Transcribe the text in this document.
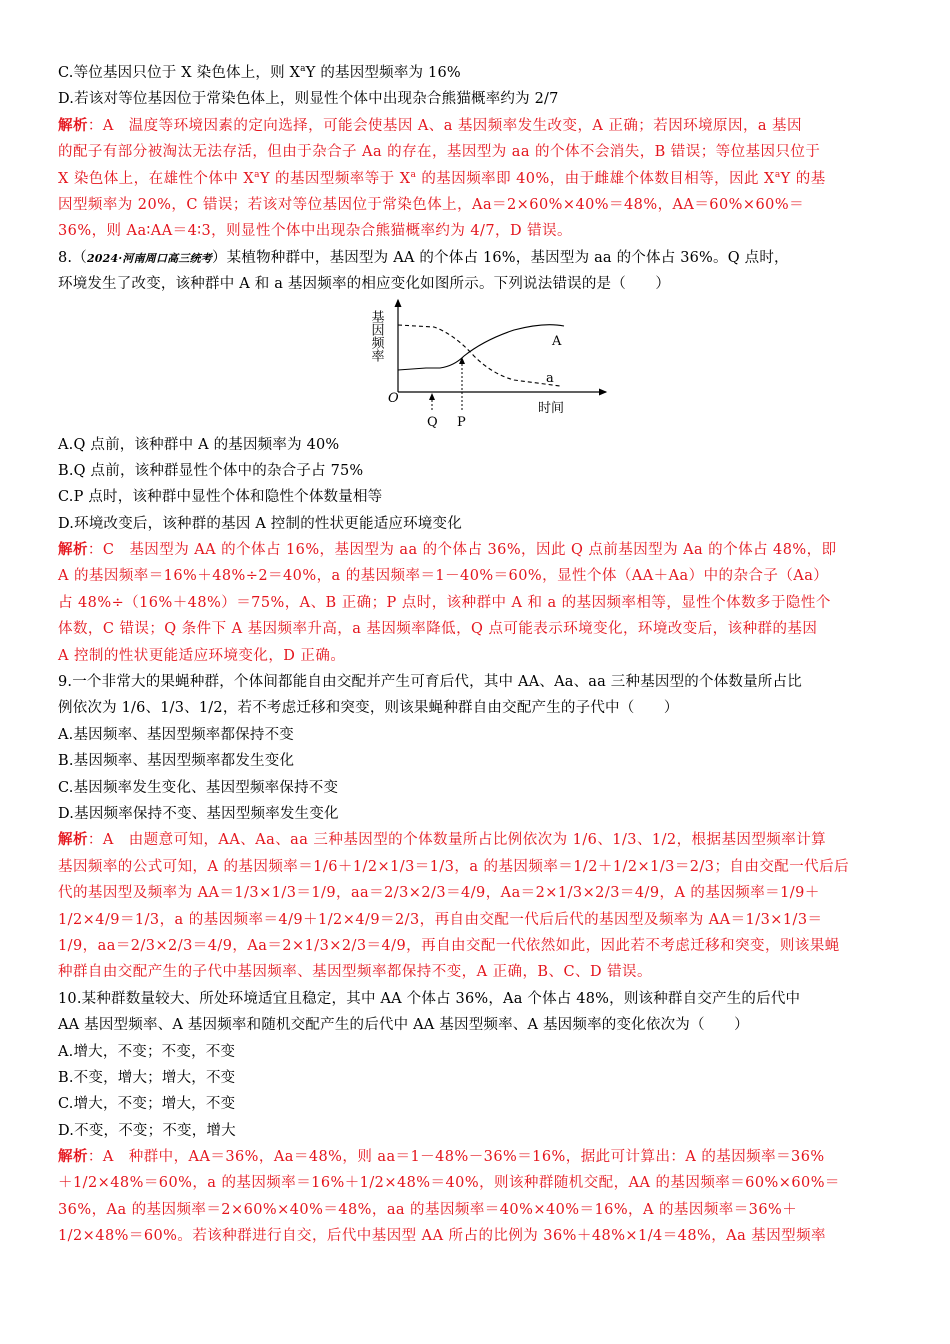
C.等位基因只位于 X 染色体上，则 $X^aY$ 的基因型频率为 16%
D.若该对等位基因位于常染色体上，则显性个体中出现杂合熊猫概率约为 2/7
解析：A　温度等环境因素的定向选择，可能会使基因 A、a 基因频率发生改变，A 正确；若因环境原因，a 基因
的配子有部分被淘汰无法存活，但由于杂合子 Aa 的存在，基因型为 aa 的个体不会消失，B 错误；等位基因只位于
X 染色体上，在雄性个体中 $X^aY$ 的基因型频率等于 $X^a$ 的基因频率即 40%，由于雌雄个体数目相等，因此 $X^aY$ 的基
因型频率为 20%，C 错误；若该对等位基因位于常染色体上，Aa＝2×60%×40%＝48%，AA＝60%×60%＝
36%，则 Aa∶AA＝4∶3，则显性个体中出现杂合熊猫概率约为 4/7，D 错误。
8.（2024·河南周口高三统考）某植物种群中，基因型为 AA 的个体占 16%，基因型为 aa 的个体占 36%。Q 点时，
环境发生了改变，该种群中 A 和 a 基因频率的相应变化如图所示。下列说法错误的是（　　）
基因频率
时间
O
A
a
Q P
A.Q 点前，该种群中 A 的基因频率为 40%
B.Q 点前，该种群显性个体中的杂合子占 75%
C.P 点时，该种群中显性个体和隐性个体数量相等
D.环境改变后，该种群的基因 A 控制的性状更能适应环境变化
解析：C　基因型为 AA 的个体占 16%，基因型为 aa 的个体占 36%，因此 Q 点前基因型为 Aa 的个体占 48%，即
A 的基因频率＝16%＋48%÷2＝40%，a 的基因频率＝1－40%＝60%，显性个体（AA＋Aa）中的杂合子（Aa）
占 48%÷（16%＋48%）＝75%，A、B 正确；P 点时，该种群中 A 和 a 的基因频率相等，显性个体数多于隐性个
体数，C 错误；Q 条件下 A 基因频率升高，a 基因频率降低，Q 点可能表示环境变化，环境改变后，该种群的基因
A 控制的性状更能适应环境变化，D 正确。
9.一个非常大的果蝇种群，个体间都能自由交配并产生可育后代，其中 AA、Aa、aa 三种基因型的个体数量所占比
例依次为 1/6、1/3、1/2，若不考虑迁移和突变，则该果蝇种群自由交配产生的子代中（　　）
A.基因频率、基因型频率都保持不变
B.基因频率、基因型频率都发生变化
C.基因频率发生变化、基因型频率保持不变
D.基因频率保持不变、基因型频率发生变化
解析：A　由题意可知，AA、Aa、aa 三种基因型的个体数量所占比例依次为 1/6、1/3、1/2，根据基因型频率计算
基因频率的公式可知，A 的基因频率＝1/6＋1/2×1/3＝1/3，a 的基因频率＝1/2＋1/2×1/3＝2/3；自由交配一代后后
代的基因型及频率为 AA＝1/3×1/3＝1/9，aa＝2/3×2/3＝4/9，Aa＝2×1/3×2/3＝4/9，A 的基因频率＝1/9＋
1/2×4/9＝1/3，a 的基因频率＝4/9＋1/2×4/9＝2/3，再自由交配一代后后代的基因型及频率为 AA＝1/3×1/3＝
1/9，aa＝2/3×2/3＝4/9，Aa＝2×1/3×2/3＝4/9，再自由交配一代依然如此，因此若不考虑迁移和突变，则该果蝇
种群自由交配产生的子代中基因频率、基因型频率都保持不变，A 正确，B、C、D 错误。
10.某种群数量较大、所处环境适宜且稳定，其中 AA 个体占 36%，Aa 个体占 48%，则该种群自交产生的后代中
AA 基因型频率、A 基因频率和随机交配产生的后代中 AA 基因型频率、A 基因频率的变化依次为（　　）
A.增大，不变；不变，不变
B.不变，增大；增大，不变
C.增大，不变；增大，不变
D.不变，不变；不变，增大
解析：A　种群中，AA＝36%，Aa＝48%，则 aa＝1－48%－36%＝16%，据此可计算出：A 的基因频率＝36%
＋1/2×48%＝60%，a 的基因频率＝16%＋1/2×48%＝40%，则该种群随机交配，AA 的基因频率＝60%×60%＝
36%，Aa 的基因频率＝2×60%×40%＝48%，aa 的基因频率＝40%×40%＝16%，A 的基因频率＝36%＋
1/2×48%＝60%。若该种群进行自交，后代中基因型 AA 所占的比例为 36%＋48%×1/4＝48%，Aa 基因型频率
